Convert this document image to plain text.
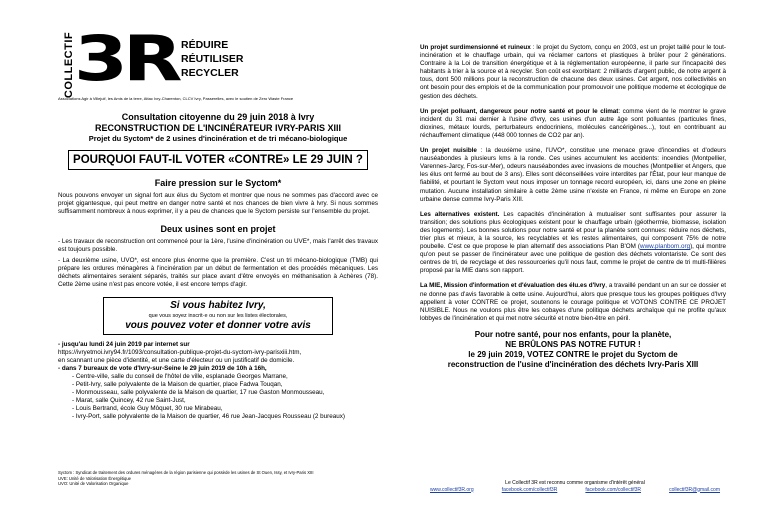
COLLECTIF
3R RÉDUIRE
RÉUTILISER
RECYCLER
Associations Agir à Villejuif, les Amis de la terre, Attac Ivry-Charenton, CLCV Ivry, Passerelles, avec le soutien de Zero Waste France
Consultation citoyenne du 29 juin 2018 à Ivry
RECONSTRUCTION DE L'INCINÉRATEUR IVRY-PARIS XIII
Projet du Syctom* de 2 usines d'incinération et de tri mécano-biologique
POURQUOI FAUT-IL VOTER «CONTRE» LE 29 JUIN ?
Faire pression sur le Syctom*
Nous pouvons envoyer un signal fort aux élus du Syctom et montrer que nous ne sommes pas d'accord avec ce projet gigantesque, qui peut mettre en danger notre santé et nos chances de bien vivre à Ivry. Si nous sommes suffisamment nombreux à nous exprimer, il y a peu de chances que le Syctom persiste sur l'ensemble du projet.
Deux usines sont en projet
- Les travaux de reconstruction ont commencé pour la 1ère, l'usine d'incinération ou UVE*, mais l'arrêt des travaux est toujours possible.
- La deuxième usine, UVO*, est encore plus énorme que la première. C'est un tri mécano-biologique (TMB) qui prépare les ordures ménagères à l'incinération par un début de fermentation et des procédés mécaniques. Les déchets alimentaires seraient séparés, traités sur place avant d'être envoyés en méthanisation à Achères (78). Cette 2ème usine n'est pas encore votée, il est encore temps d'agir.
Si vous habitez Ivry,
que vous soyez inscrit·e ou non sur les listes électorales,
vous pouvez voter et donner votre avis
- jusqu'au lundi 24 juin 2019 par internet sur
https://ivryetmoi.ivry94.fr/1093/consultation-publique-projet-du-syctom-ivry-parisxiii.htm,
en scannant une pièce d'identité, et une carte d'électeur ou un justificatif de domicile.
- dans 7 bureaux de vote d'Ivry-sur-Seine le 29 juin 2019 de 10h à 16h,
- Centre-ville, salle du conseil de l'hôtel de ville, esplanade Georges Marrane,
- Petit-Ivry, salle polyvalente de la Maison de quartier, place Fadwa Touqan,
- Monmousseau, salle polyvalente de la Maison de quartier, 17 rue Gaston Monmousseau,
- Marat, salle Quincey, 42 rue Saint-Just,
- Louis Bertrand, école Guy Môquet, 30 rue Mirabeau,
- Ivry-Port, salle polyvalente de la Maison de quartier, 46 rue Jean-Jacques Rousseau (2 bureaux)
Syctom : Syndicat de traitement des ordures ménagères de la région parisienne qui possède les usines de St Ouen, Issy, et Ivry-Paris XIII
UVE: Unité de Valorisation Énergétique
UVO: Unité de Valorisation Organique

Un projet surdimensionné et ruineux : le projet du Syctom, conçu en 2003, est un projet taillé pour le tout-incinération et le chauffage urbain, qui va réclamer cartons et plastiques à brûler pour 2 générations. Contraire à la Loi de transition énergétique et à la réglementation européenne, il parle sur l'incapacité des habitants à trier à la source et à recycler. Son coût est exorbitant: 2 milliards d'argent public, de notre argent à tous, dont 500 millions pour la reconstruction de chacune des deux usines. Cet argent, nos collectivités en ont besoin pour des emplois et de la communication pour promouvoir une politique moderne et écologique de gestion des déchets.

Un projet polluant, dangereux pour notre santé et pour le climat: comme vient de le montrer le grave incident du 31 mai dernier à l'usine d'Ivry, ces usines d'un autre âge sont polluantes (particules fines, dioxines, métaux lourds, perturbateurs endocriniens, molécules cancérigènes...), tout en contribuant au réchauffement climatique (448 000 tonnes de CO2 par an).

Un projet nuisible : la deuxième usine, l'UVO*, constitue une menace grave d'incendies et d'odeurs nauséabondes à plusieurs kms à la ronde. Ces usines accumulent les accidents: incendies (Montpellier, Varennes-Jarcy, Fos-sur-Mer), odeurs nauséabondes avec invasions de mouches (Montpellier et Angers, que les élus ont fermé au bout de 3 ans). Elles sont déconseillées voire interdites par l'État, pour leur manque de fiabilité, et pourtant le Syctom veut nous imposer un tonnage record européen, ici, dans une zone en pleine mutation. Aucune installation similaire à cette 2ème usine n'existe en France, ni même en Europe en zone urbaine dense comme Ivry-Paris XIII.

Les alternatives existent. Les capacités d'incinération à mutualiser sont suffisantes pour assurer la transition; des solutions plus écologiques existent pour le chauffage urbain (géothermie, biomasse, isolation des logements). Les bonnes solutions pour notre santé et pour la planète sont connues: réduire nos déchets, trier plus et mieux, à la source, les recyclables et les restes alimentaires, qui composent 75% de notre poubelle. C'est ce que propose le plan alternatif des associations Plan B'OM (www.planbom.org), qui montre qu'on peut se passer de l'incinérateur avec une politique de gestion des déchets volontariste. Ce sont des centres de tri, de recyclage et des ressourceries qu'il nous faut, comme le projet de centre de tri multi-filières proposé par la MIE dans son rapport.

La MIE, Mission d'information et d'évaluation des élu.es d'Ivry, a travaillé pendant un an sur ce dossier et ne donne pas d'avis favorable à cette usine. Aujourd'hui, alors que presque tous les groupes politiques d'Ivry appellent à voter CONTRE ce projet, soutenons le courage politique et VOTONS CONTRE CE PROJET NUISIBLE. Nous ne voulons plus être les cobayes d'une politique déchets archaïque qui ne profite qu'aux lobbyes de l'incinération et qui met notre sécurité et notre bien-être en péril.

Pour notre santé, pour nos enfants, pour la planète,
NE BRÛLONS PAS NOTRE FUTUR !
le 29 juin 2019, VOTEZ CONTRE le projet du Syctom de
reconstruction de l'usine d'incinération des déchets Ivry-Paris XIII
Le Collectif 3R est reconnu comme organisme d'intérêt général
www.collectif3R.org	facebook.com/collectif3R	facebook.com/collectif3R	collectif3R@gmail.com
